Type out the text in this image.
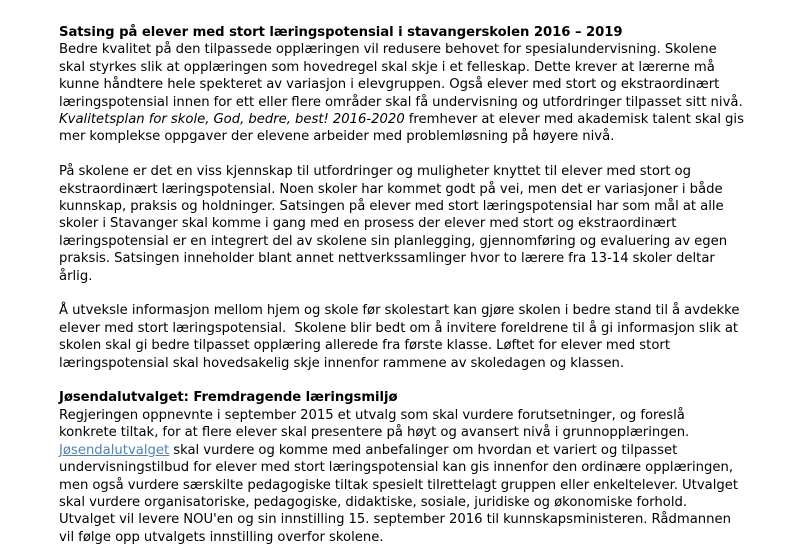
Satsing på elever med stort læringspotensial i stavangerskolen 2016 – 2019

Bedre kvalitet på den tilpassede opplæringen vil redusere behovet for spesialundervisning. Skolene skal styrkes slik at opplæringen som hovedregel skal skje i et felleskap. Dette krever at lærerne må kunne håndtere hele spekteret av variasjon i elevgruppen. Også elever med stort og ekstraordinært læringspotensial innen for ett eller flere områder skal få undervisning og utfordringer tilpasset sitt nivå. Kvalitetsplan for skole, God, bedre, best! 2016-2020 fremhever at elever med akademisk talent skal gis mer komplekse oppgaver der elevene arbeider med problemløsning på høyere nivå.

På skolene er det en viss kjennskap til utfordringer og muligheter knyttet til elever med stort og ekstraordinært læringspotensial. Noen skoler har kommet godt på vei, men det er variasjoner i både kunnskap, praksis og holdninger. Satsingen på elever med stort læringspotensial har som mål at alle skoler i Stavanger skal komme i gang med en prosess der elever med stort og ekstraordinært læringspotensial er en integrert del av skolene sin planlegging, gjennomføring og evaluering av egen praksis. Satsingen inneholder blant annet nettverkssamlinger hvor to lærere fra 13-14 skoler deltar årlig.

Å utveksle informasjon mellom hjem og skole før skolestart kan gjøre skolen i bedre stand til å avdekke elever med stort læringspotensial.  Skolene blir bedt om å invitere foreldrene til å gi informasjon slik at skolen skal gi bedre tilpasset opplæring allerede fra første klasse. Løftet for elever med stort læringspotensial skal hovedsakelig skje innenfor rammene av skoledagen og klassen.

Jøsendalutvalget: Fremdragende læringsmiljø

Regjeringen oppnevnte i september 2015 et utvalg som skal vurdere forutsetninger, og foreslå konkrete tiltak, for at flere elever skal presentere på høyt og avansert nivå i grunnopplæringen. Jøsendalutvalget skal vurdere og komme med anbefalinger om hvordan et variert og tilpasset undervisningstilbud for elever med stort læringspotensial kan gis innenfor den ordinære opplæringen, men også vurdere særskilte pedagogiske tiltak spesielt tilrettelagt gruppen eller enkeltelever. Utvalget skal vurdere organisatoriske, pedagogiske, didaktiske, sosiale, juridiske og økonomiske forhold. Utvalget vil levere NOU'en og sin innstilling 15. september 2016 til kunnskapsministeren. Rådmannen vil følge opp utvalgets innstilling overfor skolene.
